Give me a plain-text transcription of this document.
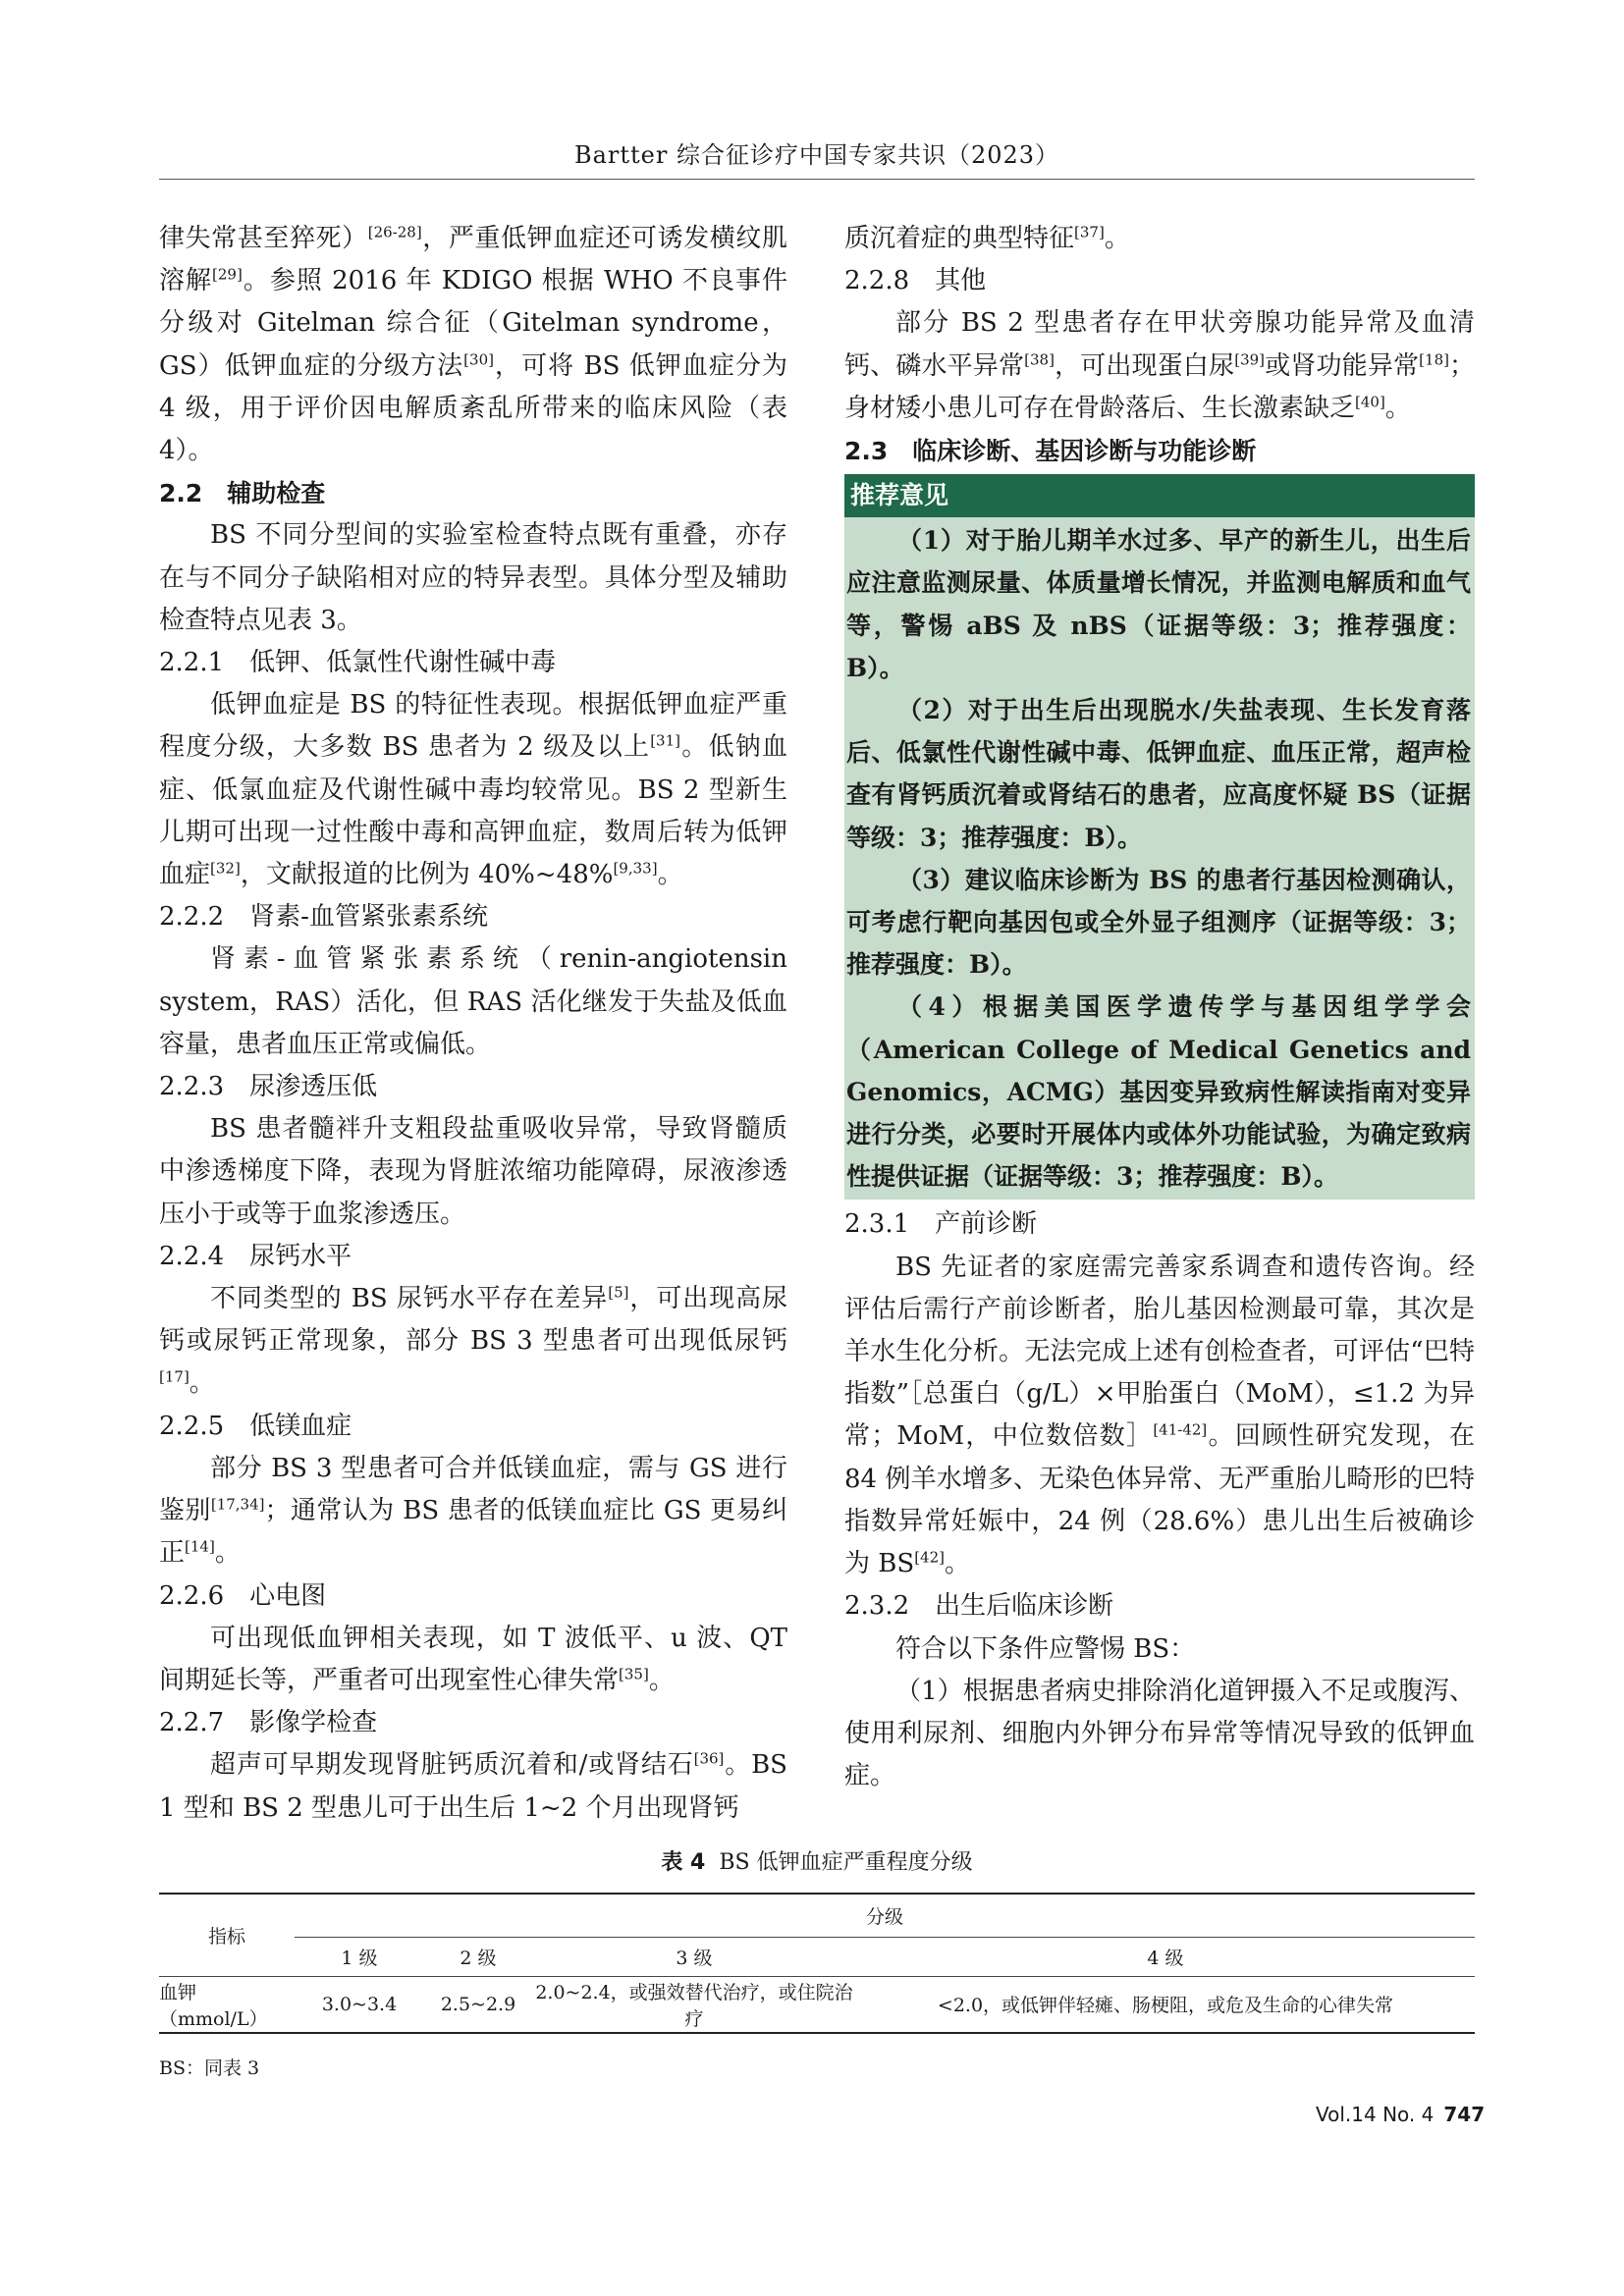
Bartter 综合征诊疗中国专家共识（2023）

律失常甚至猝死）[26-28]，严重低钾血症还可诱发横纹肌溶解[29]。参照 2016 年 KDIGO 根据 WHO 不良事件分级对 Gitelman 综合征（Gitelman syndrome，GS）低钾血症的分级方法[30]，可将 BS 低钾血症分为 4 级，用于评价因电解质紊乱所带来的临床风险（表 4）。

2.2　辅助检查

BS 不同分型间的实验室检查特点既有重叠，亦存在与不同分子缺陷相对应的特异表型。具体分型及辅助检查特点见表 3。

2.2.1　低钾、低氯性代谢性碱中毒

低钾血症是 BS 的特征性表现。根据低钾血症严重程度分级，大多数 BS 患者为 2 级及以上[31]。低钠血症、低氯血症及代谢性碱中毒均较常见。BS 2 型新生儿期可出现一过性酸中毒和高钾血症，数周后转为低钾血症[32]，文献报道的比例为 40%~48%[9,33]。

2.2.2　肾素-血管紧张素系统

肾素-血管紧张素系统（renin-angiotensin system，RAS）活化，但 RAS 活化继发于失盐及低血容量，患者血压正常或偏低。

2.2.3　尿渗透压低

BS 患者髓袢升支粗段盐重吸收异常，导致肾髓质中渗透梯度下降，表现为肾脏浓缩功能障碍，尿液渗透压小于或等于血浆渗透压。

2.2.4　尿钙水平

不同类型的 BS 尿钙水平存在差异[5]，可出现高尿钙或尿钙正常现象，部分 BS 3 型患者可出现低尿钙[17]。

2.2.5　低镁血症

部分 BS 3 型患者可合并低镁血症，需与 GS 进行鉴别[17,34]；通常认为 BS 患者的低镁血症比 GS 更易纠正[14]。

2.2.6　心电图

可出现低血钾相关表现，如 T 波低平、u 波、QT 间期延长等，严重者可出现室性心律失常[35]。

2.2.7　影像学检查

超声可早期发现肾脏钙质沉着和/或肾结石[36]。BS 1 型和 BS 2 型患儿可于出生后 1~2 个月出现肾钙

质沉着症的典型特征[37]。

2.2.8　其他

部分 BS 2 型患者存在甲状旁腺功能异常及血清钙、磷水平异常[38]，可出现蛋白尿[39]或肾功能异常[18]；身材矮小患儿可存在骨龄落后、生长激素缺乏[40]。

2.3　临床诊断、基因诊断与功能诊断

推荐意见

（1）对于胎儿期羊水过多、早产的新生儿，出生后应注意监测尿量、体质量增长情况，并监测电解质和血气等，警惕 aBS 及 nBS（证据等级：3；推荐强度：B）。

（2）对于出生后出现脱水/失盐表现、生长发育落后、低氯性代谢性碱中毒、低钾血症、血压正常，超声检查有肾钙质沉着或肾结石的患者，应高度怀疑 BS（证据等级：3；推荐强度：B）。

（3）建议临床诊断为 BS 的患者行基因检测确认，可考虑行靶向基因包或全外显子组测序（证据等级：3；推荐强度：B）。

（4）根据美国医学遗传学与基因组学学会（American College of Medical Genetics and Genomics，ACMG）基因变异致病性解读指南对变异进行分类，必要时开展体内或体外功能试验，为确定致病性提供证据（证据等级：3；推荐强度：B）。

2.3.1　产前诊断

BS 先证者的家庭需完善家系调查和遗传咨询。经评估后需行产前诊断者，胎儿基因检测最可靠，其次是羊水生化分析。无法完成上述有创检查者，可评估“巴特指数”［总蛋白（g/L）×甲胎蛋白（MoM），≤1.2 为异常；MoM，中位数倍数］[41-42]。回顾性研究发现，在 84 例羊水增多、无染色体异常、无严重胎儿畸形的巴特指数异常妊娠中，24 例（28.6%）患儿出生后被确诊为 BS[42]。

2.3.2　出生后临床诊断

符合以下条件应警惕 BS：

（1）根据患者病史排除消化道钾摄入不足或腹泻、使用利尿剂、细胞内外钾分布异常等情况导致的低钾血症。

表 4 BS 低钾血症严重程度分级
指标	分级			
	1 级	2 级	3 级	4 级
血钾（mmol/L）	3.0~3.4	2.5~2.9	2.0~2.4，或强效替代治疗，或住院治疗	<2.0，或低钾伴轻瘫、肠梗阻，或危及生命的心律失常
BS：同表 3
Vol.14 No. 4 747
